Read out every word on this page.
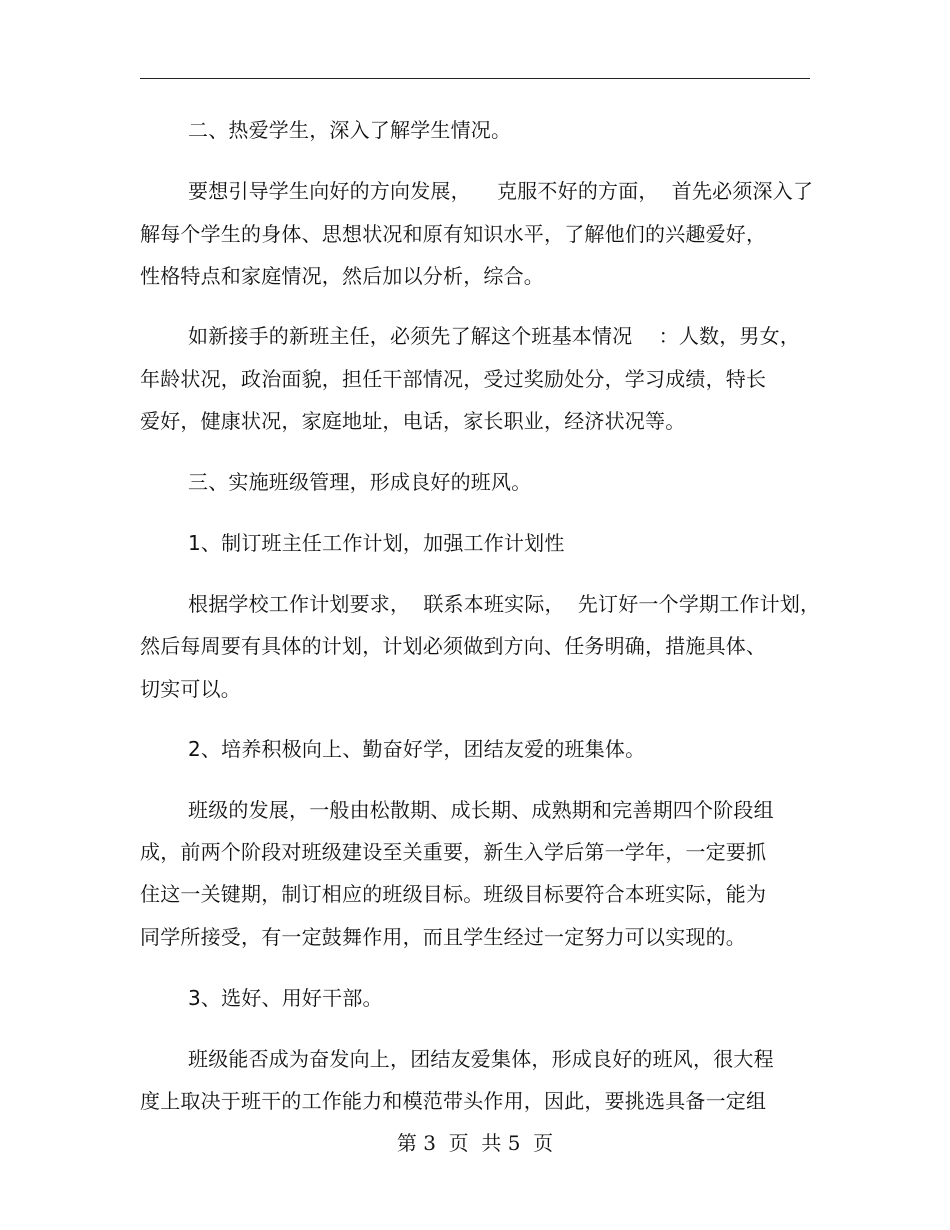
二、热爱学生，深入了解学生情况。
要想引导学生向好的方向发展，    克服不好的方面，  首先必须深入了
解每个学生的身体、思想状况和原有知识水平，了解他们的兴趣爱好，
性格特点和家庭情况，然后加以分析，综合。
如新接手的新班主任，必须先了解这个班基本情况    ：人数，男女，
年龄状况，政治面貌，担任干部情况，受过奖励处分，学习成绩，特长
爱好，健康状况，家庭地址，电话，家长职业，经济状况等。
三、实施班级管理，形成良好的班风。
1、制订班主任工作计划，加强工作计划性
根据学校工作计划要求，  联系本班实际，  先订好一个学期工作计划，
然后每周要有具体的计划，计划必须做到方向、任务明确，措施具体、
切实可以。
2、培养积极向上、勤奋好学，团结友爱的班集体。
班级的发展，一般由松散期、成长期、成熟期和完善期四个阶段组
成，前两个阶段对班级建设至关重要，新生入学后第一学年，一定要抓
住这一关键期，制订相应的班级目标。班级目标要符合本班实际，能为
同学所接受，有一定鼓舞作用，而且学生经过一定努力可以实现的。
3、选好、用好干部。
班级能否成为奋发向上，团结友爱集体，形成良好的班风，很大程
度上取决于班干的工作能力和模范带头作用，因此，要挑选具备一定组
第 3  页  共 5  页
